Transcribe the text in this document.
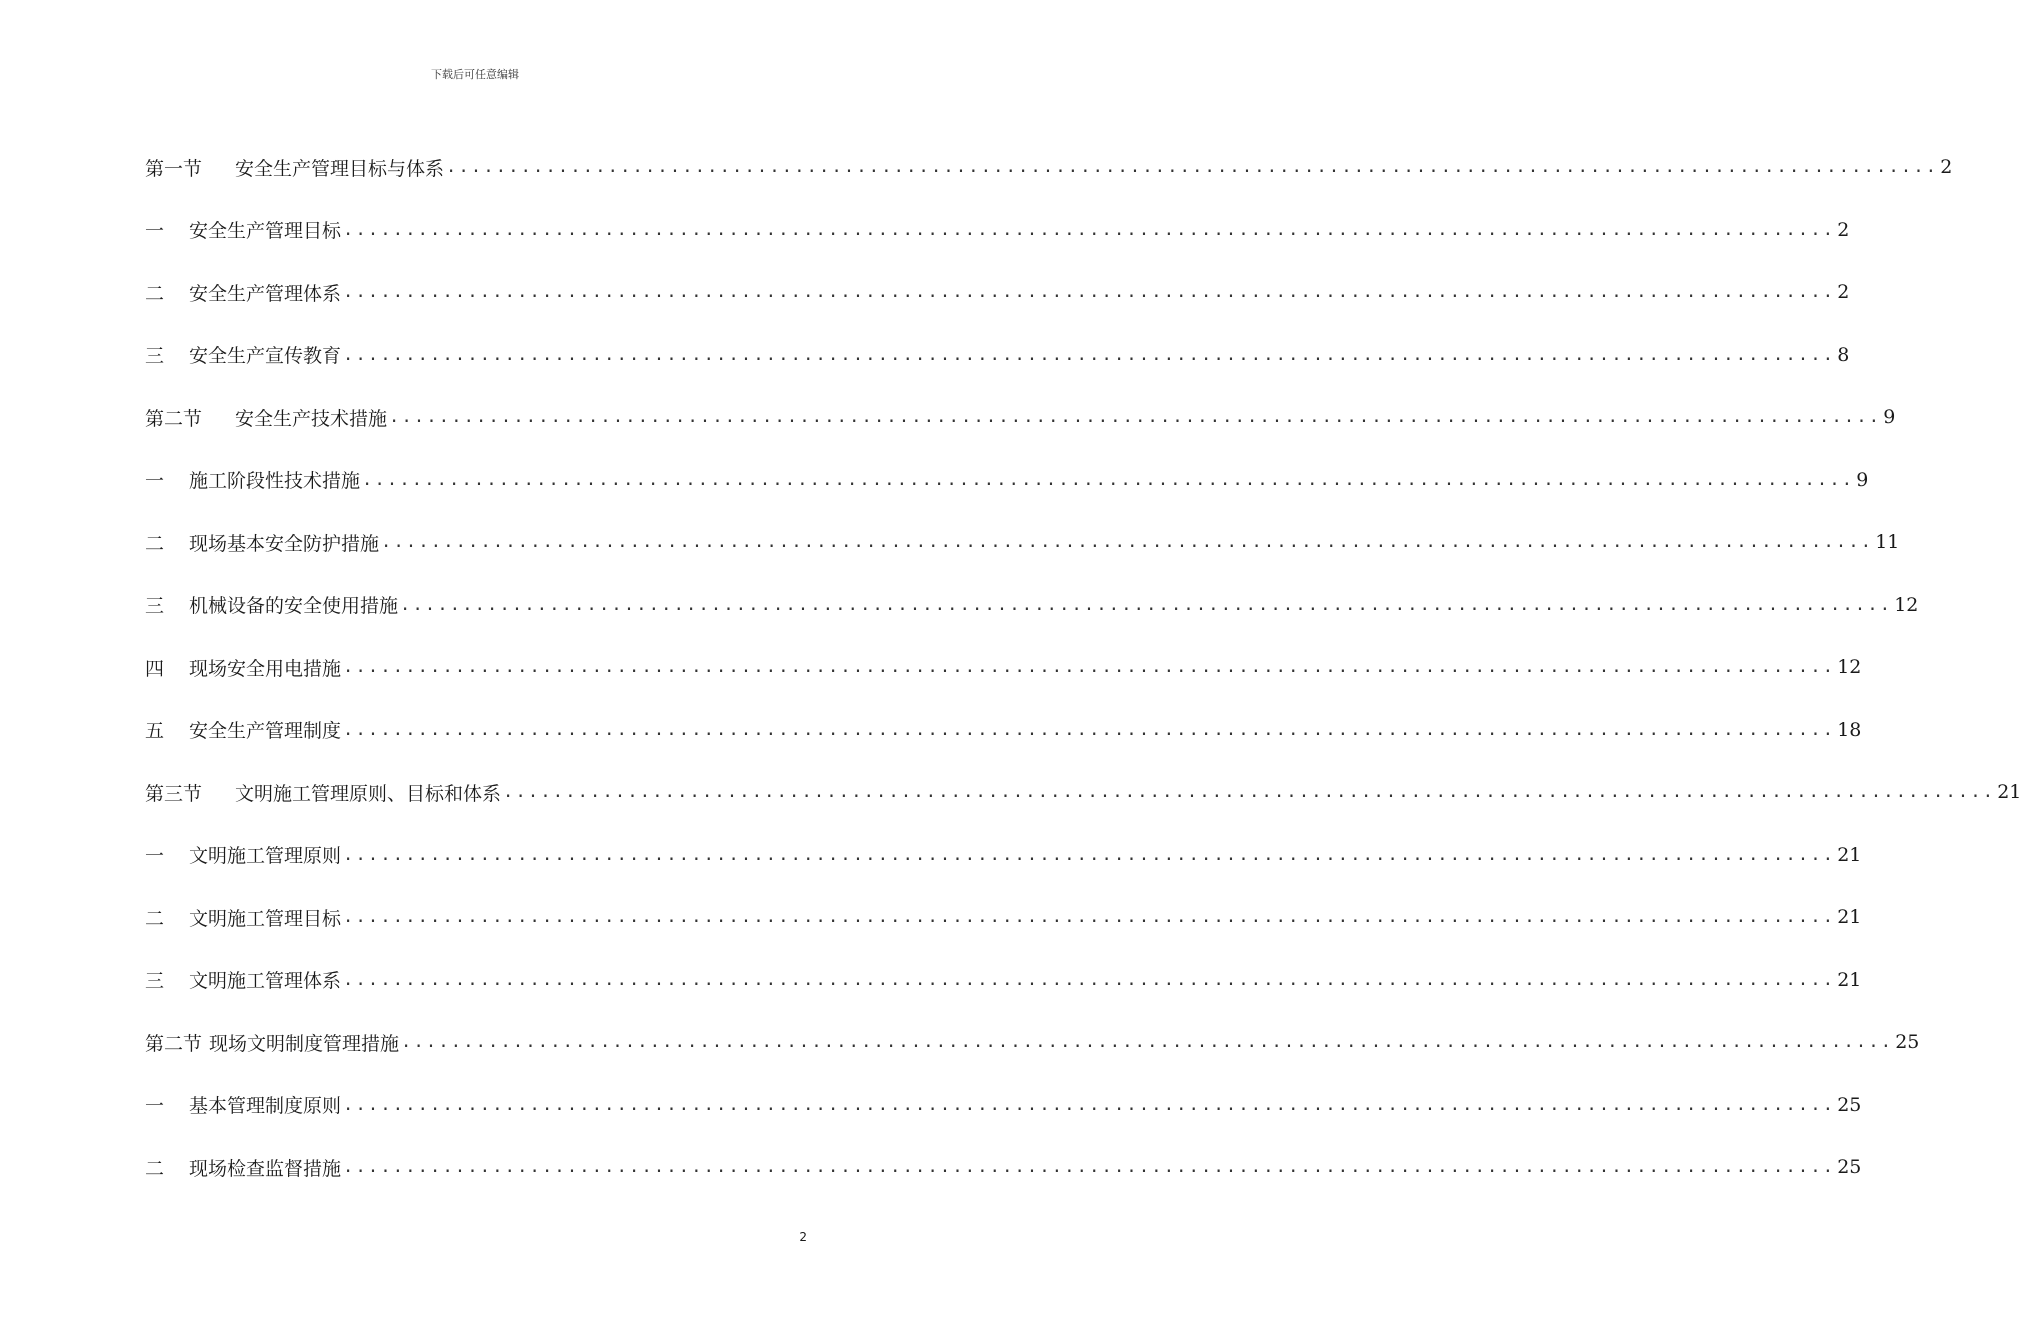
下载后可任意编辑
第一节	安全生产管理目标与体系 ........................................................................................................................ 2
一	安全生产管理目标 ........................................................................................................................ 2
二	安全生产管理体系 ........................................................................................................................ 2
三	安全生产宣传教育 ........................................................................................................................ 8
第二节	安全生产技术措施 ........................................................................................................................ 9
一	施工阶段性技术措施 ........................................................................................................................ 9
二	现场基本安全防护措施 ........................................................................................................................ 11
三	机械设备的安全使用措施 ........................................................................................................................ 12
四	现场安全用电措施 ........................................................................................................................ 12
五	安全生产管理制度 ........................................................................................................................ 18
第三节	文明施工管理原则、目标和体系 ........................................................................................................................ 21
一	文明施工管理原则 ........................................................................................................................ 21
二	文明施工管理目标 ........................................................................................................................ 21
三	文明施工管理体系 ........................................................................................................................ 21
第二节 现场文明制度管理措施 ........................................................................................................................ 25
一	基本管理制度原则 ........................................................................................................................ 25
二	现场检查监督措施 ........................................................................................................................ 25
2
